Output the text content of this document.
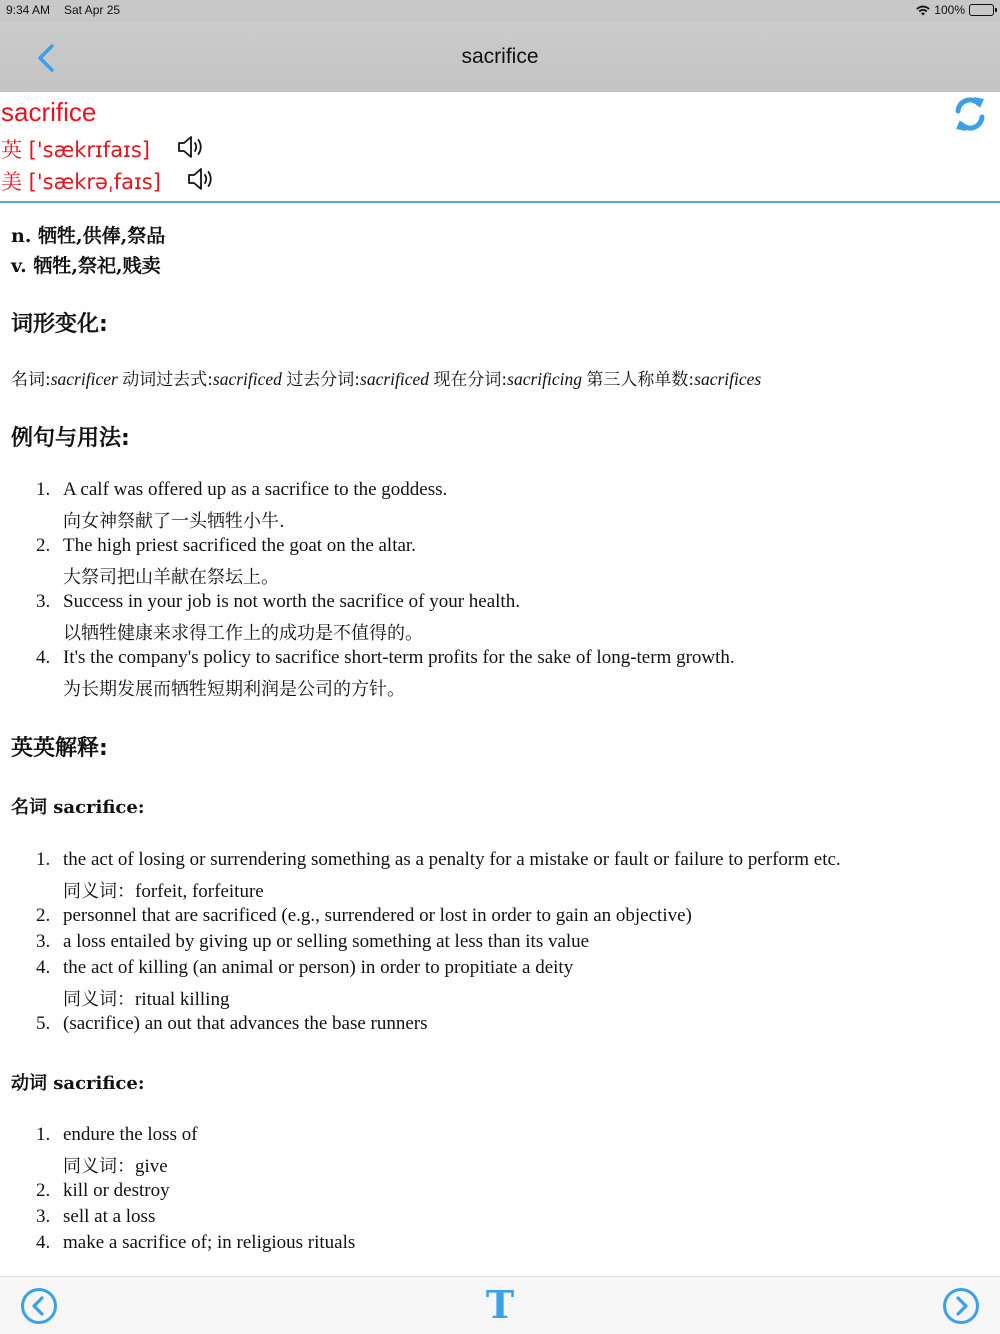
9:34 AM Sat Apr 25	100%
sacrifice
sacrifice
英 ['sækrɪfaɪs]
美 ['sækrəˌfaɪs]
n. 牺牲,供俸,祭品
v. 牺牲,祭祀,贱卖
词形变化:
名词:sacrificer 动词过去式:sacrificed 过去分词:sacrificed 现在分词:sacrificing 第三人称单数:sacrifices
例句与用法:
1. A calf was offered up as a sacrifice to the goddess.
向女神祭献了一头牺牲小牛.
2. The high priest sacrificed the goat on the altar.
大祭司把山羊献在祭坛上。
3. Success in your job is not worth the sacrifice of your health.
以牺牲健康来求得工作上的成功是不值得的。
4. It's the company's policy to sacrifice short-term profits for the sake of long-term growth.
为长期发展而牺牲短期利润是公司的方针。
英英解释:
名词 sacrifice:
1. the act of losing or surrendering something as a penalty for a mistake or fault or failure to perform etc.
同义词：forfeit, forfeiture
2. personnel that are sacrificed (e.g., surrendered or lost in order to gain an objective)
3. a loss entailed by giving up or selling something at less than its value
4. the act of killing (an animal or person) in order to propitiate a deity
同义词：ritual killing
5. (sacrifice) an out that advances the base runners
动词 sacrifice:
1. endure the loss of
同义词：give
2. kill or destroy
3. sell at a loss
4. make a sacrifice of; in religious rituals
T
